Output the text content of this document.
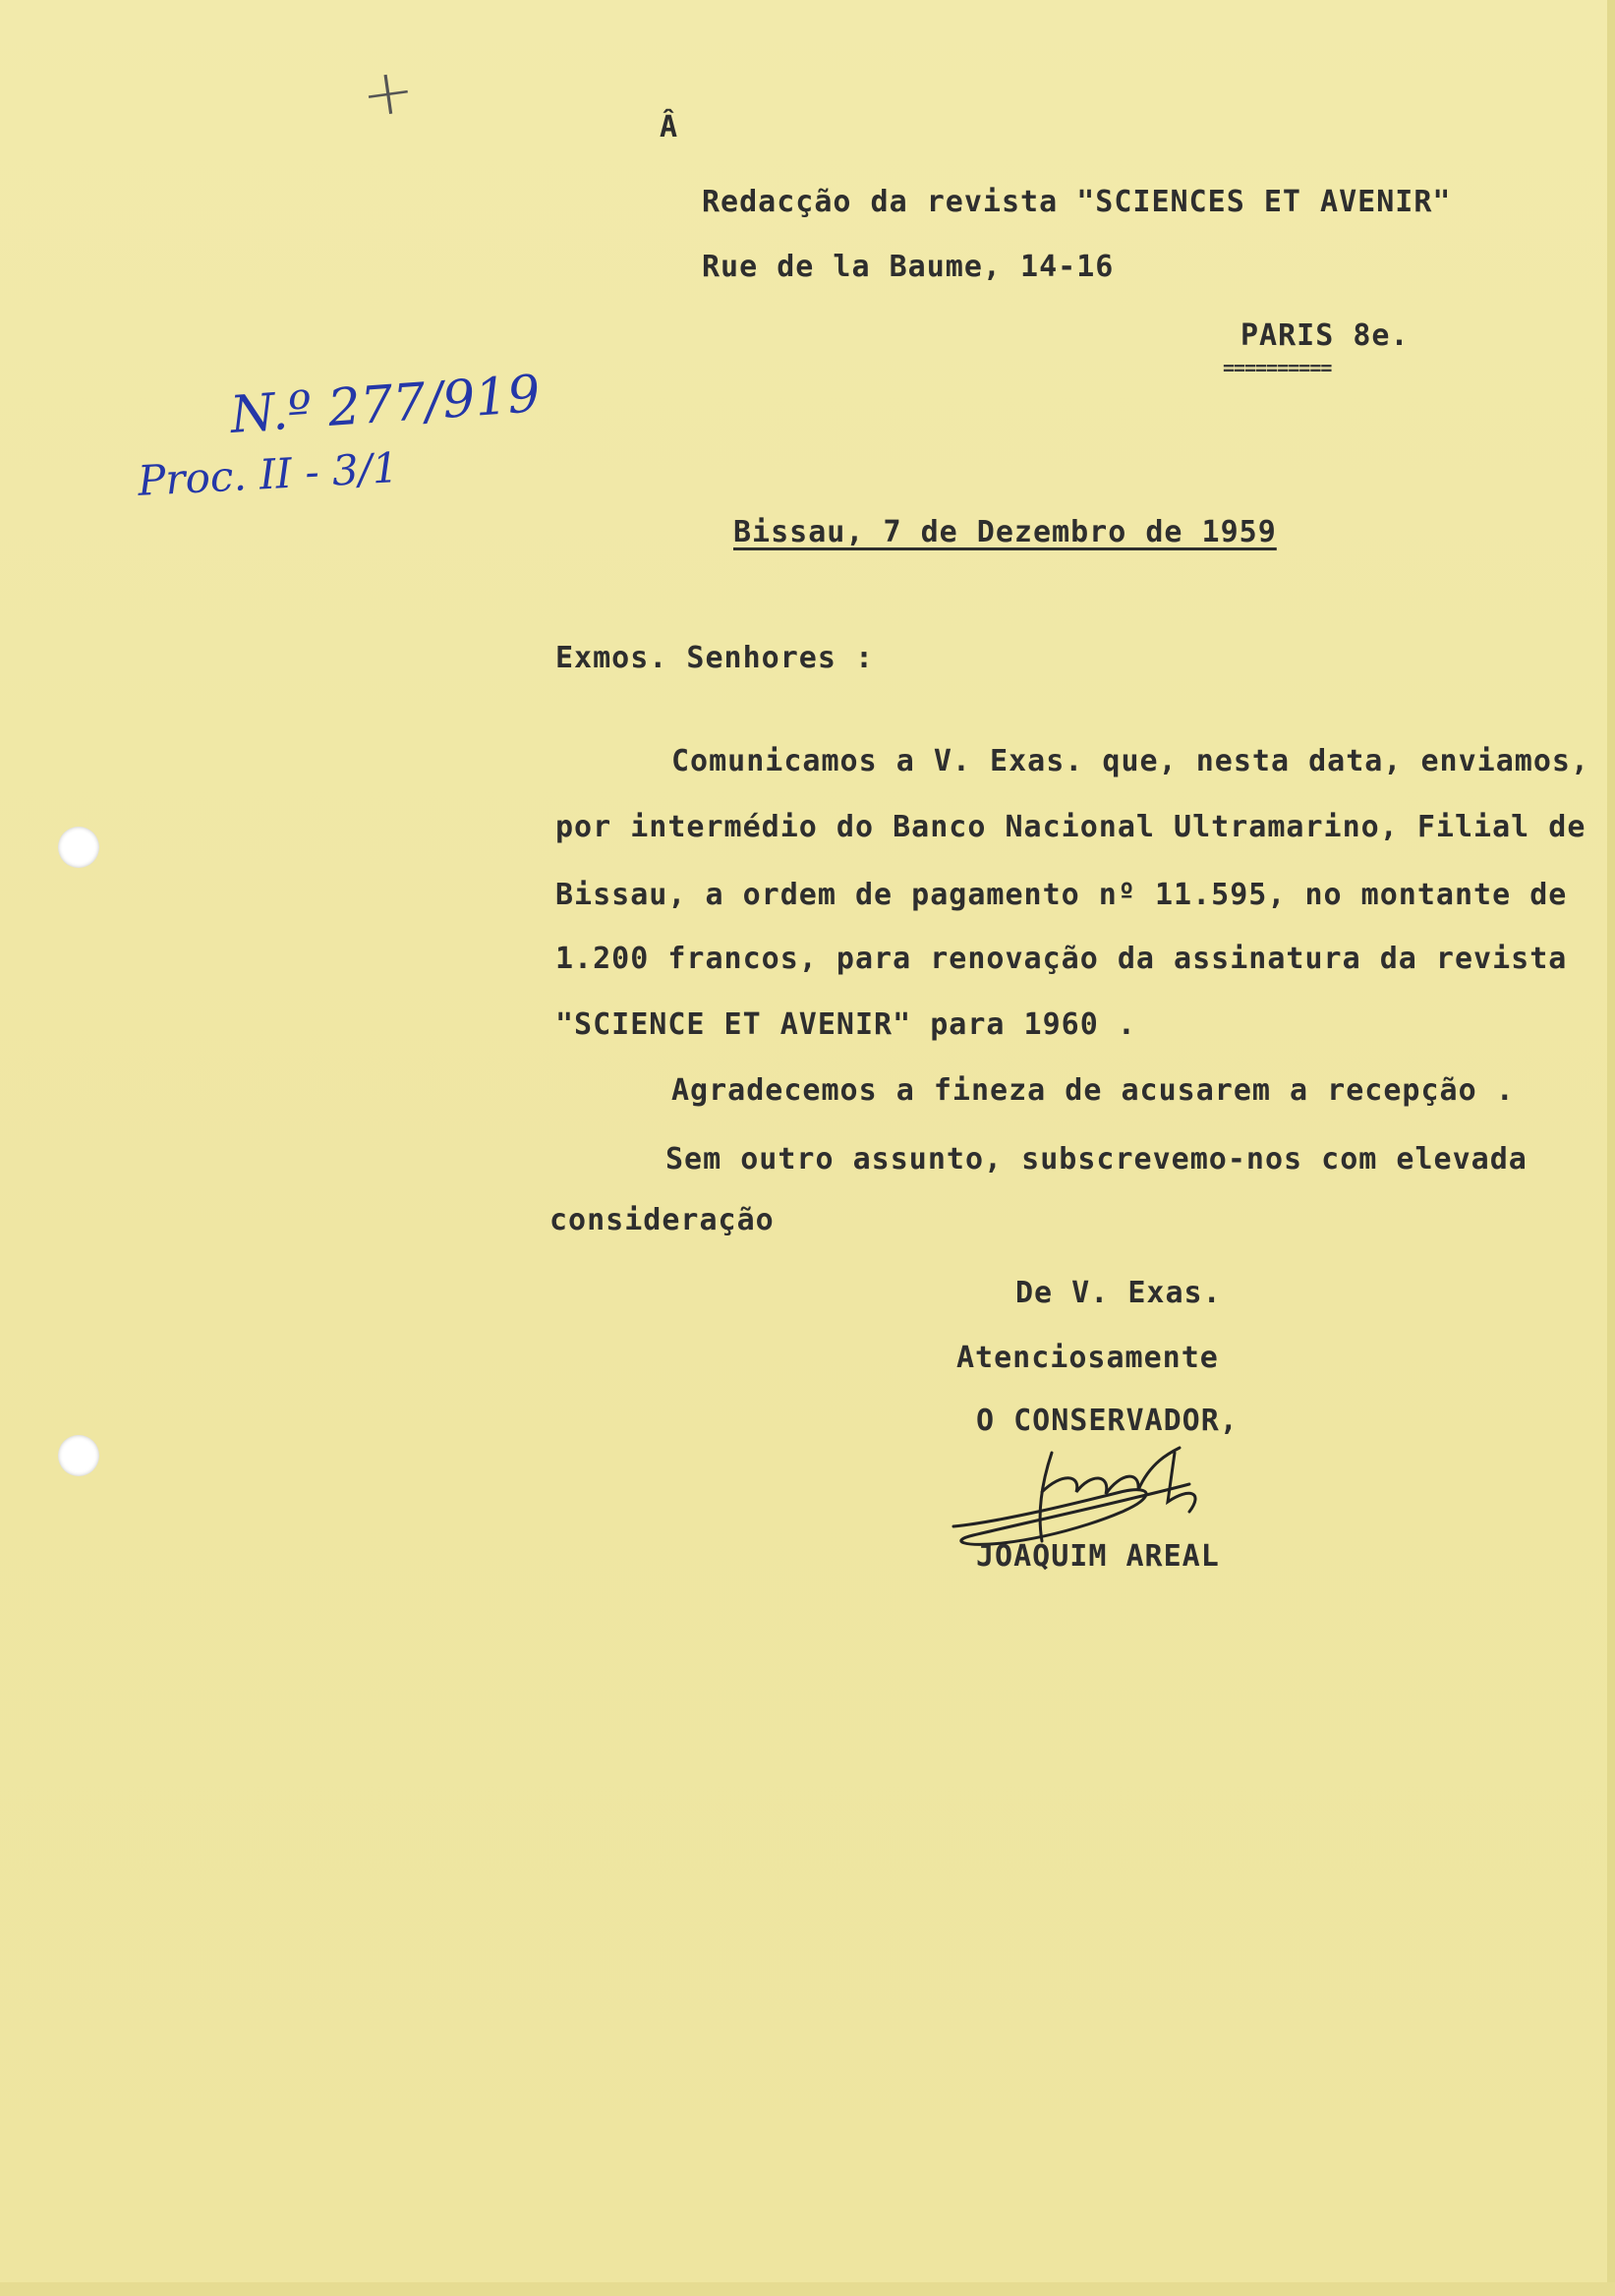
+	Â
N.º 277/919
Proc. II - 3/1
Redacção da revista "SCIENCES ET AVENIR"
Rue de la Baume, 14-16
PARIS 8e.
==========
Bissau, 7 de Dezembro de 1959
Exmos. Senhores :
Comunicamos a V. Exas. que, nesta data, enviamos,
por intermédio do Banco Nacional Ultramarino, Filial de
Bissau, a ordem de pagamento nº 11.595, no montante de
1.200 francos, para renovação da assinatura da revista
"SCIENCE ET AVENIR" para 1960 .
Agradecemos a fineza de acusarem a recepção .
Sem outro assunto, subscrevemo-nos com elevada
consideração
De V. Exas.
Atenciosamente
O CONSERVADOR,
JOAQUIM AREAL
